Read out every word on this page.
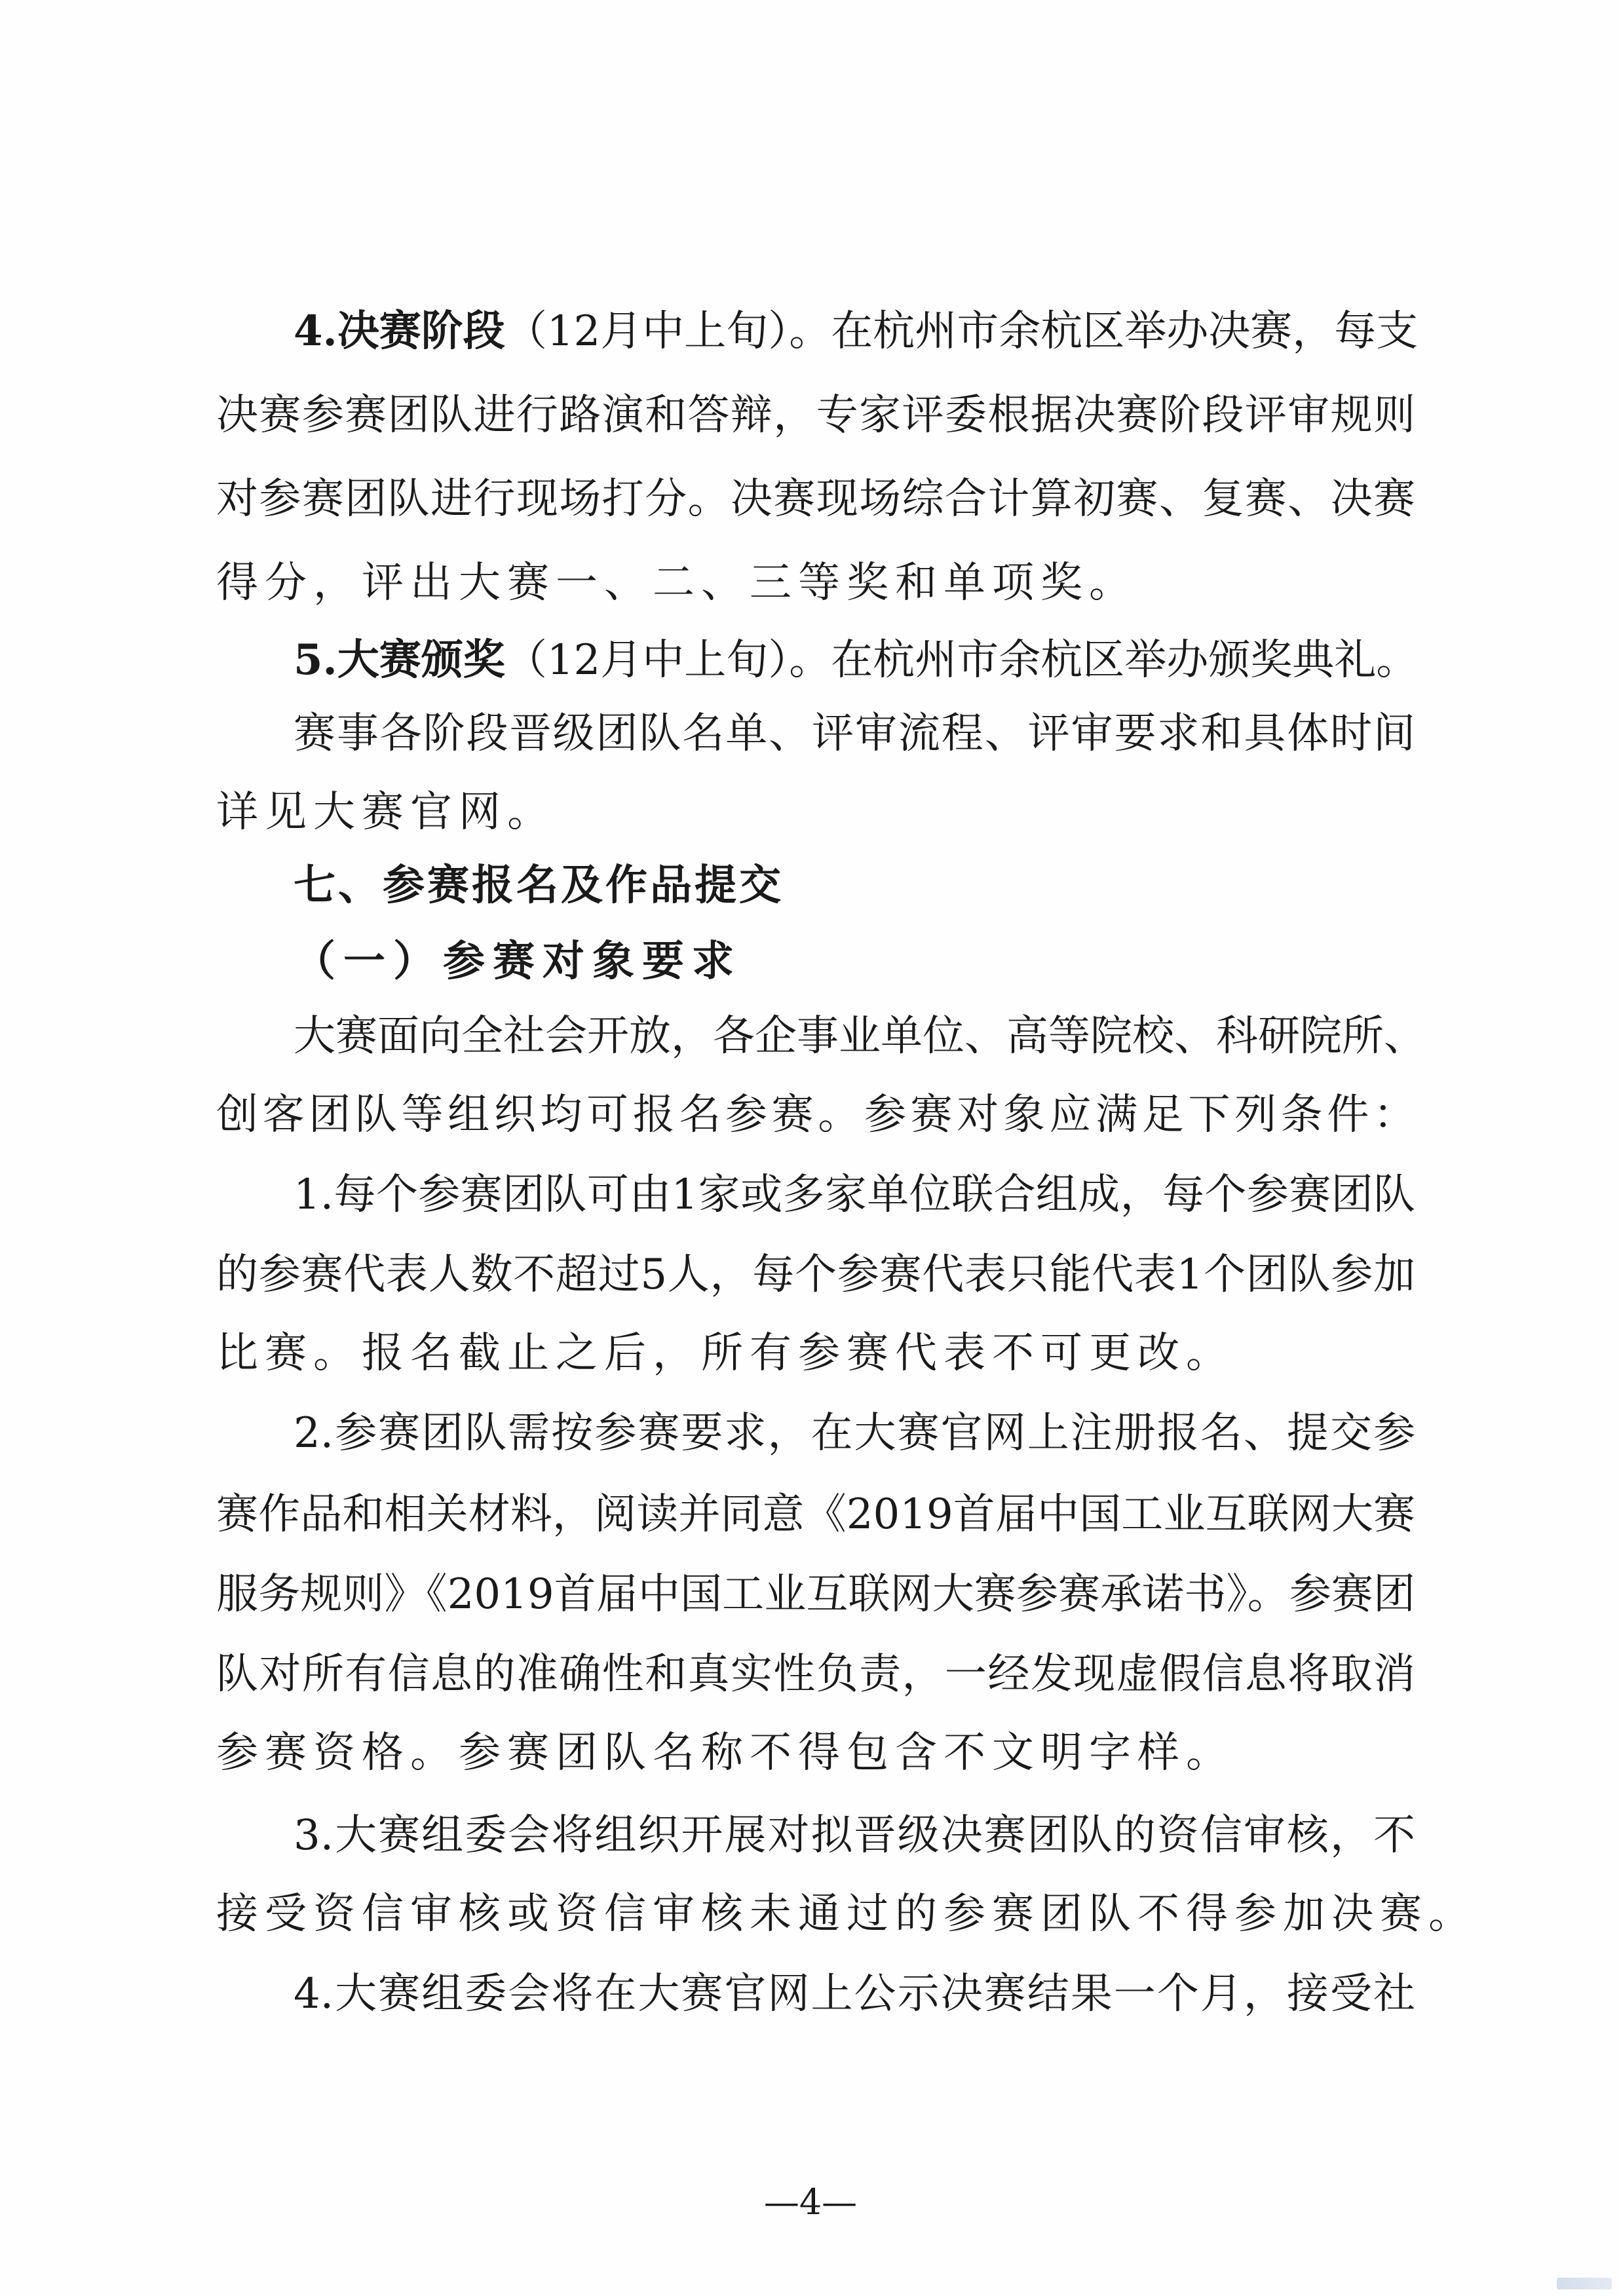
4.决赛阶段（12月中上旬）。在杭州市余杭区举办决赛，每支
决赛参赛团队进行路演和答辩，专家评委根据决赛阶段评审规则
对参赛团队进行现场打分。决赛现场综合计算初赛、复赛、决赛
得分，评出大赛一、二、三等奖和单项奖。
5.大赛颁奖（12月中上旬）。在杭州市余杭区举办颁奖典礼。
赛事各阶段晋级团队名单、评审流程、评审要求和具体时间
详见大赛官网。
七、参赛报名及作品提交
（一）参赛对象要求
大赛面向全社会开放，各企事业单位、高等院校、科研院所、
创客团队等组织均可报名参赛。参赛对象应满足下列条件：
1.每个参赛团队可由1家或多家单位联合组成，每个参赛团队
的参赛代表人数不超过5人，每个参赛代表只能代表1个团队参加
比赛。报名截止之后，所有参赛代表不可更改。
2.参赛团队需按参赛要求，在大赛官网上注册报名、提交参
赛作品和相关材料，阅读并同意《2019首届中国工业互联网大赛
服务规则》《2019首届中国工业互联网大赛参赛承诺书》。参赛团
队对所有信息的准确性和真实性负责，一经发现虚假信息将取消
参赛资格。参赛团队名称不得包含不文明字样。
3.大赛组委会将组织开展对拟晋级决赛团队的资信审核，不
接受资信审核或资信审核未通过的参赛团队不得参加决赛。
4.大赛组委会将在大赛官网上公示决赛结果一个月，接受社
—4—
